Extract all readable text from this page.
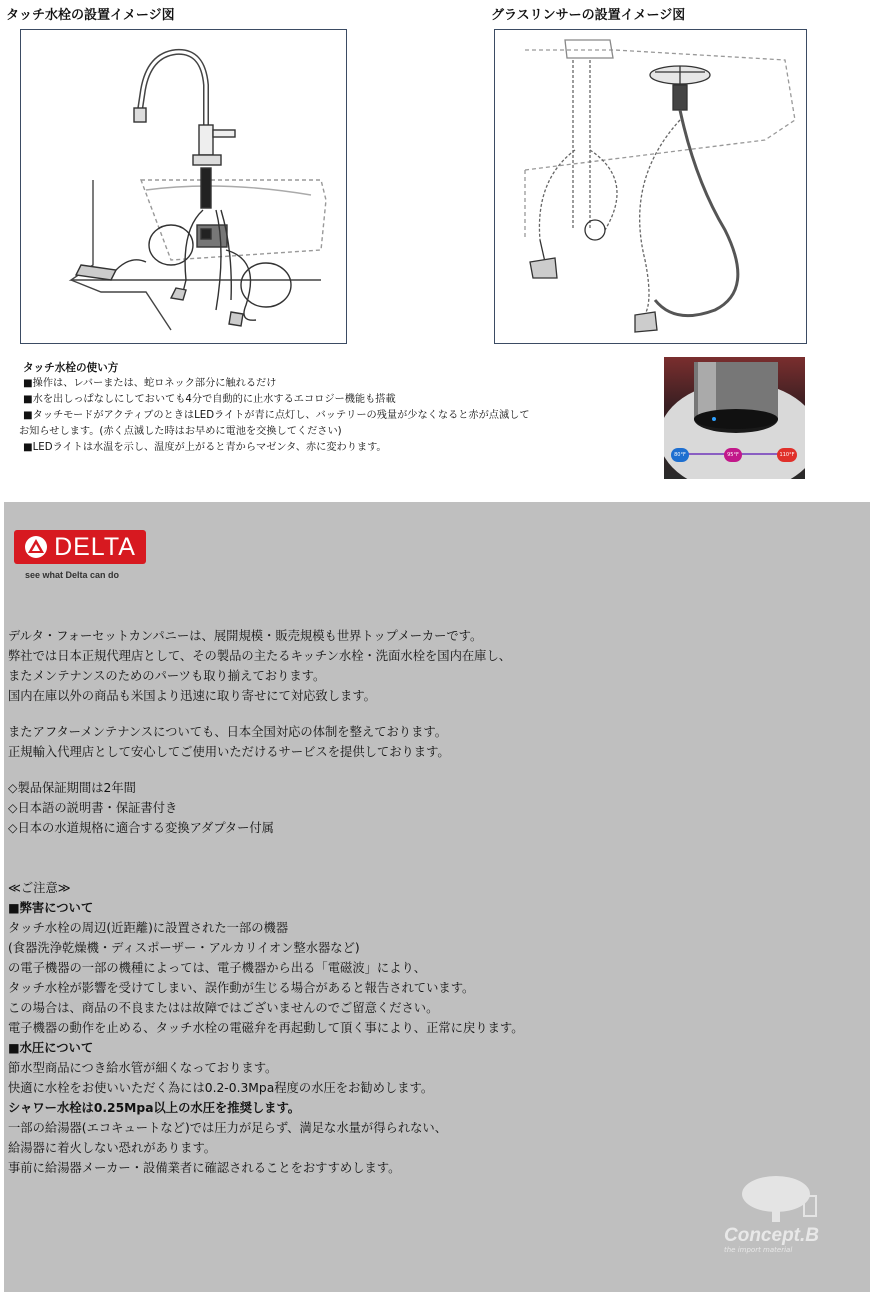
タッチ水栓の設置イメージ図	グラスリンサーの設置イメージ図
タッチ水栓の使い方
■操作は、レバーまたは、蛇ロネック部分に触れるだけ
■水を出しっぱなしにしておいても4分で自動的に止水するエコロジー機能も搭載
■タッチモードがアクティブのときはLEDライトが青に点灯し、バッテリーの残量が少なくなると赤が点滅して
お知らせします。(赤く点滅した時はお早めに電池を交換してください)
■LEDライトは水温を示し、温度が上がると青からマゼンタ、赤に変わります。
80°F	95°F	110°F
DELTA
see what Delta can do
デルタ・フォーセットカンパニーは、展開規模・販売規模も世界トップメーカーです。
弊社では日本正規代理店として、その製品の主たるキッチン水栓・洗面水栓を国内在庫し、
またメンテナンスのためのパーツも取り揃えております。
国内在庫以外の商品も米国より迅速に取り寄せにて対応致します。
またアフターメンテナンスについても、日本全国対応の体制を整えております。
正規輸入代理店として安心してご使用いただけるサービスを提供しております。
◇製品保証期間は2年間
◇日本語の説明書・保証書付き
◇日本の水道規格に適合する変換アダプター付属
≪ご注意≫
■弊害について
タッチ水栓の周辺(近距離)に設置された一部の機器
(食器洗浄乾燥機・ディスポーザー・アルカリイオン整水器など)
の電子機器の一部の機種によっては、電子機器から出る「電磁波」により、
タッチ水栓が影響を受けてしまい、誤作動が生じる場合があると報告されています。
この場合は、商品の不良またはは故障ではございませんのでご留意ください。
電子機器の動作を止める、タッチ水栓の電磁弁を再起動して頂く事により、正常に戻ります。
■水圧について
節水型商品につき給水管が細くなっております。
快適に水栓をお使いいただく為には0.2-0.3Mpa程度の水圧をお勧めします。
シャワー水栓は0.25Mpa以上の水圧を推奨します。
一部の給湯器(エコキュートなど)では圧力が足らず、満足な水量が得られない、
給湯器に着火しない恐れがあります。
事前に給湯器メーカー・設備業者に確認されることをおすすめします。
Concept.B
the import material
